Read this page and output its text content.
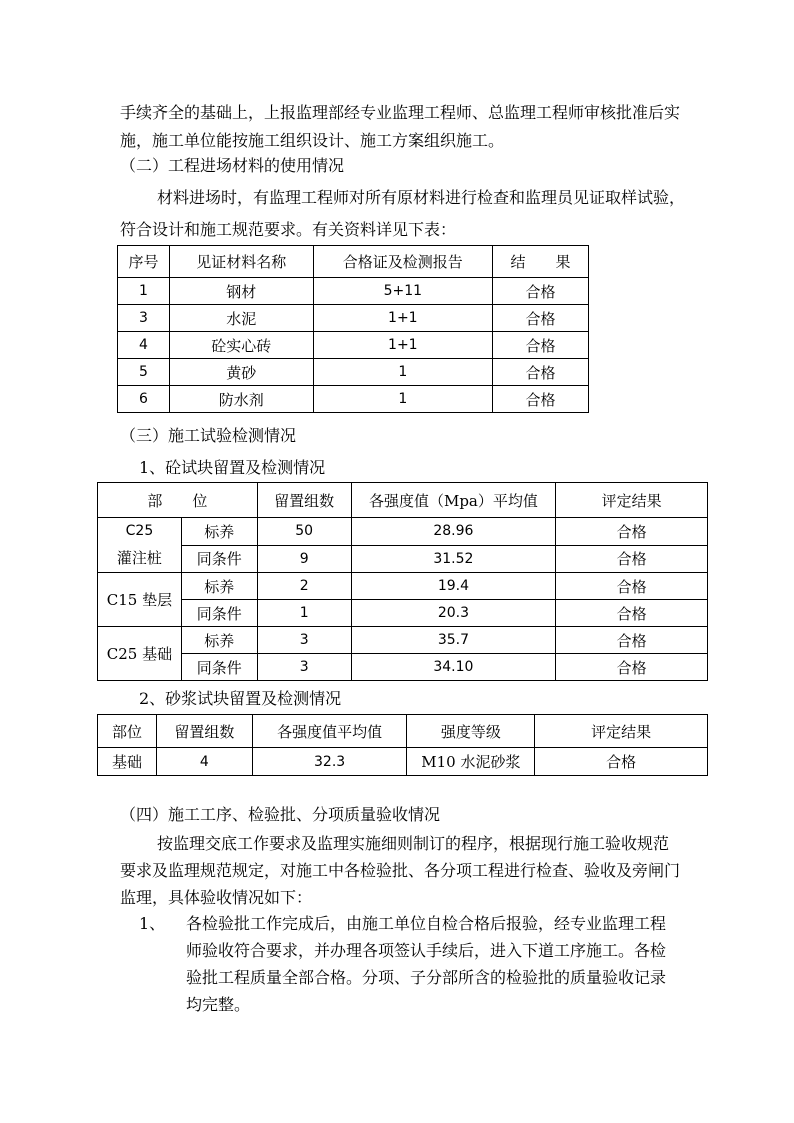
手续齐全的基础上，上报监理部经专业监理工程师、总监理工程师审核批准后实
施，施工单位能按施工组织设计、施工方案组织施工。
（二）工程进场材料的使用情况
材料进场时，有监理工程师对所有原材料进行检查和监理员见证取样试验，
符合设计和施工规范要求。有关资料详见下表：
序号	见证材料名称	合格证及检测报告	结　　果
1	钢材	5+11	合格
3	水泥	1+1	合格
4	砼实心砖	1+1	合格
5	黄砂	1	合格
6	防水剂	1	合格
（三）施工试验检测情况
1、砼试块留置及检测情况
部　　位		留置组数	各强度值（Mpa）平均值	评定结果

C25
灌注桩	标养	50	28.96	合格
	同条件	9	31.52	合格
C15 垫层	标养	2	19.4	合格
	同条件	1	20.3	合格
C25 基础	标养	3	35.7	合格
	同条件	3	34.10	合格
2、砂浆试块留置及检测情况
部位	留置组数	各强度值平均值	强度等级	评定结果
基础	4	32.3	M10 水泥砂浆	合格
（四）施工工序、检验批、分项质量验收情况
按监理交底工作要求及监理实施细则制订的程序，根据现行施工验收规范
要求及监理规范规定，对施工中各检验批、各分项工程进行检查、验收及旁闸门
监理，具体验收情况如下：
1、 各检验批工作完成后，由施工单位自检合格后报验，经专业监理工程
师验收符合要求，并办理各项签认手续后，进入下道工序施工。各检
验批工程质量全部合格。分项、子分部所含的检验批的质量验收记录
均完整。
